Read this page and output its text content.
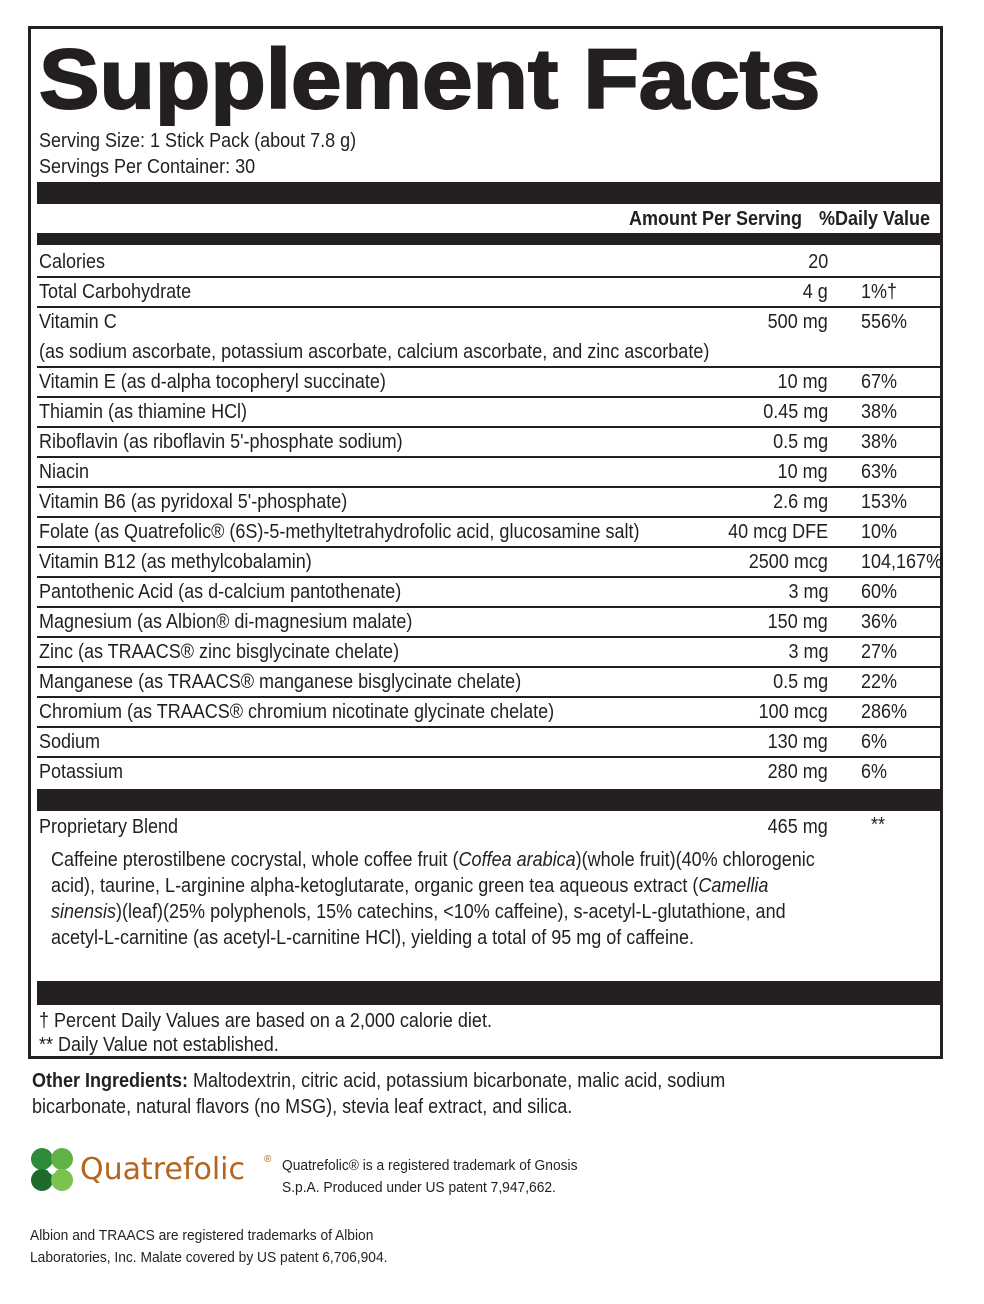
Supplement Facts
Serving Size: 1 Stick Pack (about 7.8 g)
Servings Per Container: 30
Amount Per Serving %Daily Value
Calories	20
Total Carbohydrate	4 g 1%†
Vitamin C	500 mg 556%
(as sodium ascorbate, potassium ascorbate, calcium ascorbate, and zinc ascorbate)
Vitamin E (as d-alpha tocopheryl succinate)	10 mg 67%
Thiamin (as thiamine HCl)	0.45 mg 38%
Riboflavin (as riboflavin 5'-phosphate sodium)	0.5 mg 38%
Niacin	10 mg 63%
Vitamin B6 (as pyridoxal 5'-phosphate)	2.6 mg 153%
Folate (as Quatrefolic® (6S)-5-methyltetrahydrofolic acid, glucosamine salt)	40 mcg DFE 10%
Vitamin B12 (as methylcobalamin)	2500 mcg 104,167%
Pantothenic Acid (as d-calcium pantothenate)	3 mg 60%
Magnesium (as Albion® di-magnesium malate)	150 mg 36%
Zinc (as TRAACS® zinc bisglycinate chelate)	3 mg 27%
Manganese (as TRAACS® manganese bisglycinate chelate)	0.5 mg 22%
Chromium (as TRAACS® chromium nicotinate glycinate chelate)	100 mcg 286%
Sodium	130 mg 6%
Potassium	280 mg 6%
Proprietary Blend	465 mg **
Caffeine pterostilbene cocrystal, whole coffee fruit (Coffea arabica)(whole fruit)(40% chlorogenic acid), taurine, L-arginine alpha-ketoglutarate, organic green tea aqueous extract (Camellia sinensis)(leaf)(25% polyphenols, 15% catechins, <10% caffeine), s-acetyl-L-glutathione, and acetyl-L-carnitine (as acetyl-L-carnitine HCl), yielding a total of 95 mg of caffeine.
† Percent Daily Values are based on a 2,000 calorie diet.
** Daily Value not established.
Other Ingredients: Maltodextrin, citric acid, potassium bicarbonate, malic acid, sodium bicarbonate, natural flavors (no MSG), stevia leaf extract, and silica.
Quatrefolic ® Quatrefolic® is a registered trademark of Gnosis
S.p.A. Produced under US patent 7,947,662.
Albion and TRAACS are registered trademarks of Albion
Laboratories, Inc. Malate covered by US patent 6,706,904.
